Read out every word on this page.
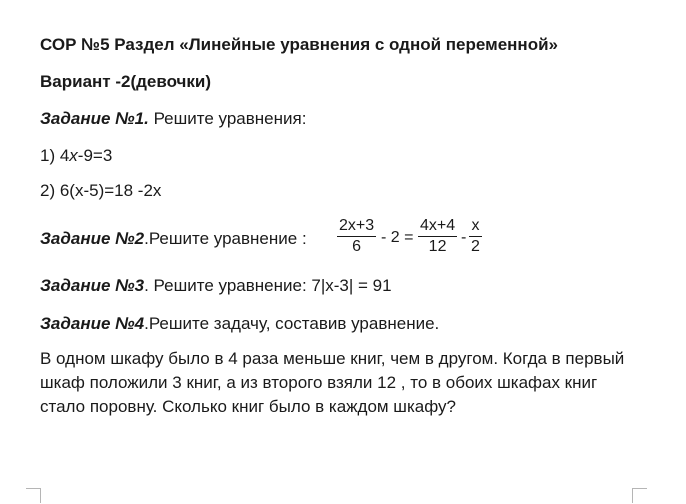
СОР №5 Раздел «Линейные уравнения с одной переменной»
Вариант -2(девочки)
Задание №1. Решите уравнения:
1) 4x-9=3
2) 6(x-5)=18 -2x
Задание №2.Решите уравнение :
2x+3
6
- 2 =
4x+4
12
-
x
2
Задание №3. Решите уравнение: 7|x-3| = 91
Задание №4.Решите задачу, составив уравнение.
В одном шкафу было в 4 раза меньше книг, чем в другом. Когда в первый шкаф положили 3 книг, а из второго взяли 12 , то в обоих шкафах книг стало поровну. Сколько книг было в каждом шкафу?
